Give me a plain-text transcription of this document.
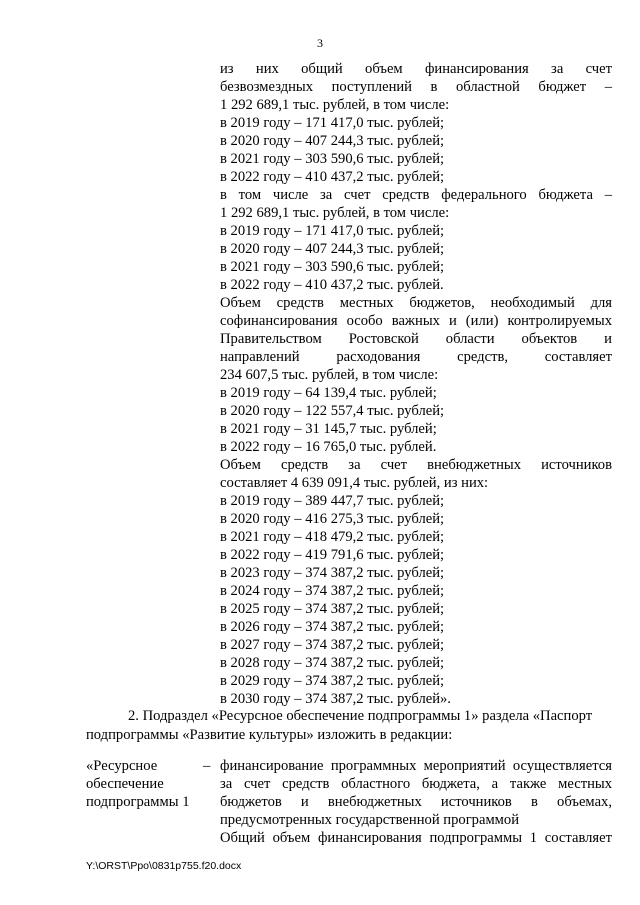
3
из них общий объем финансирования за счет
безвозмездных поступлений в областной бюджет –
1 292 689,1 тыс. рублей, в том числе:
в 2019 году – 171 417,0 тыс. рублей;
в 2020 году – 407 244,3 тыс. рублей;
в 2021 году – 303 590,6 тыс. рублей;
в 2022 году – 410 437,2 тыс. рублей;
в том числе за счет средств федерального бюджета –
1 292 689,1 тыс. рублей, в том числе:
в 2019 году – 171 417,0 тыс. рублей;
в 2020 году – 407 244,3 тыс. рублей;
в 2021 году – 303 590,6 тыс. рублей;
в 2022 году – 410 437,2 тыс. рублей.
Объем средств местных бюджетов, необходимый для
софинансирования особо важных и (или) контролируемых
Правительством Ростовской области объектов и
направлений расходования средств, составляет
234 607,5 тыс. рублей, в том числе:
в 2019 году – 64 139,4 тыс. рублей;
в 2020 году – 122 557,4 тыс. рублей;
в 2021 году – 31 145,7 тыс. рублей;
в 2022 году – 16 765,0 тыс. рублей.
Объем средств за счет внебюджетных источников
составляет 4 639 091,4 тыс. рублей, из них:
в 2019 году – 389 447,7 тыс. рублей;
в 2020 году – 416 275,3 тыс. рублей;
в 2021 году – 418 479,2 тыс. рублей;
в 2022 году – 419 791,6 тыс. рублей;
в 2023 году – 374 387,2 тыс. рублей;
в 2024 году – 374 387,2 тыс. рублей;
в 2025 году – 374 387,2 тыс. рублей;
в 2026 году – 374 387,2 тыс. рублей;
в 2027 году – 374 387,2 тыс. рублей;
в 2028 году – 374 387,2 тыс. рублей;
в 2029 году – 374 387,2 тыс. рублей;
в 2030 году – 374 387,2 тыс. рублей».
2. Подраздел «Ресурсное обеспечение подпрограммы 1» раздела «Паспорт
подпрограммы «Развитие культуры» изложить в редакции:
«Ресурсное
обеспечение
подпрограммы 1
– финансирование программных мероприятий осуществляется
за счет средств областного бюджета, а также местных
бюджетов и внебюджетных источников в объемах,
предусмотренных государственной программой
Общий объем финансирования подпрограммы 1 составляет
Y:\ORST\Ppo\0831p755.f20.docx
